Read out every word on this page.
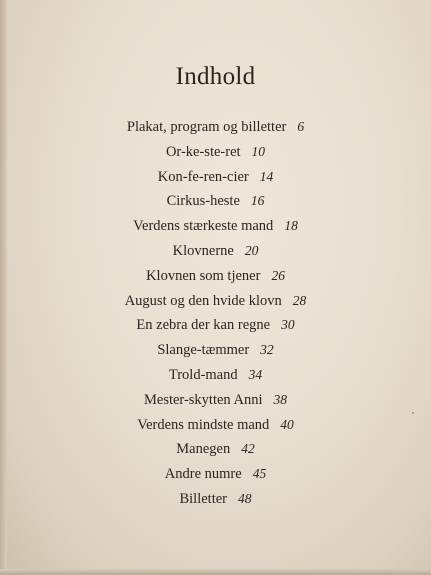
Indhold
Plakat, program og billetter 6
Or-ke-ste-ret 10
Kon-fe-ren-cier 14
Cirkus-heste 16
Verdens stærkeste mand 18
Klovnerne 20
Klovnen som tjener 26
August og den hvide klovn 28
En zebra der kan regne 30
Slange-tæmmer 32
Trold-mand 34
Mester-skytten Anni 38
Verdens mindste mand 40
Manegen 42
Andre numre 45
Billetter 48
